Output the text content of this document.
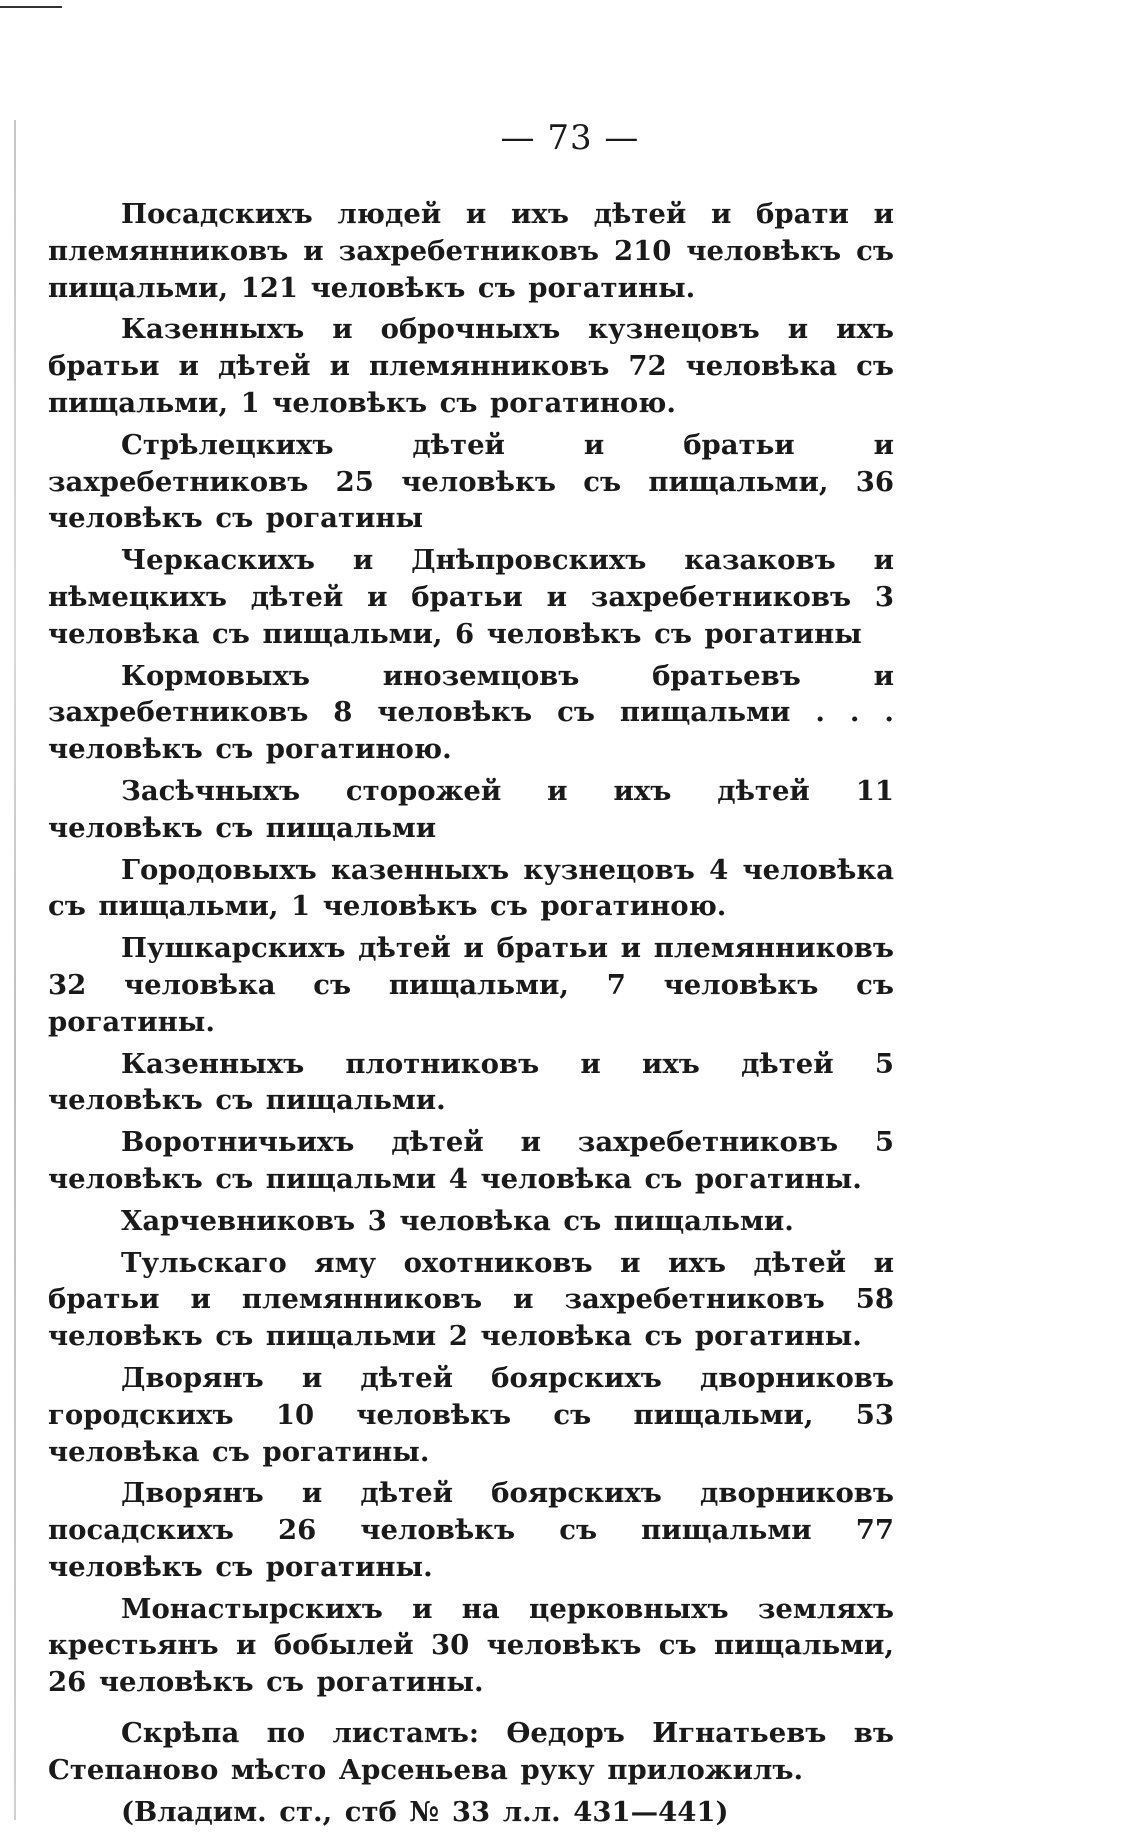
— 73 —

Посадскихъ людей и ихъ дѣтей и брати и племянниковъ и захребетниковъ 210 человѣкъ съ пищальми, 121 человѣкъ съ рогатины.

Казенныхъ и оброчныхъ кузнецовъ и ихъ братьи и дѣтей и племянниковъ 72 человѣка съ пищальми, 1 человѣкъ съ рогатиною.

Стрѣлецкихъ дѣтей и братьи и захребетниковъ 25 человѣкъ съ пищальми, 36 человѣкъ съ рогатины

Черкаскихъ и Днѣпровскихъ казаковъ и нѣмецкихъ дѣтей и братьи и захребетниковъ 3 человѣка съ пищальми, 6 человѣкъ съ рогатины

Кормовыхъ иноземцовъ братьевъ и захребетниковъ 8 человѣкъ съ пищальми . . . человѣкъ съ рогатиною.

Засѣчныхъ сторожей и ихъ дѣтей 11 человѣкъ съ пищальми

Городовыхъ казенныхъ кузнецовъ 4 человѣка съ пищальми, 1 человѣкъ съ рогатиною.

Пушкарскихъ дѣтей и братьи и племянниковъ 32 человѣка съ пищальми, 7 человѣкъ съ рогатины.

Казенныхъ плотниковъ и ихъ дѣтей 5 человѣкъ съ пищальми.

Воротничьихъ дѣтей и захребетниковъ 5 человѣкъ съ пищальми 4 человѣка съ рогатины.

Харчевниковъ 3 человѣка съ пищальми.

Тульскаго яму охотниковъ и ихъ дѣтей и братьи и племянниковъ и захребетниковъ 58 человѣкъ съ пищальми 2 человѣка съ рогатины.

Дворянъ и дѣтей боярскихъ дворниковъ городскихъ 10 человѣкъ съ пищальми, 53 человѣка съ рогатины.

Дворянъ и дѣтей боярскихъ дворниковъ посадскихъ 26 человѣкъ съ пищальми 77 человѣкъ съ рогатины.

Монастырскихъ и на церковныхъ земляхъ крестьянъ и бобылей 30 человѣкъ съ пищальми, 26 человѣкъ съ рогатины.

Скрѣпа по листамъ: Ѳедоръ Игнатьевъ въ Степаново мѣсто Арсеньева руку приложилъ.

(Владим. ст., стб № 33 л.л. 431—441)
